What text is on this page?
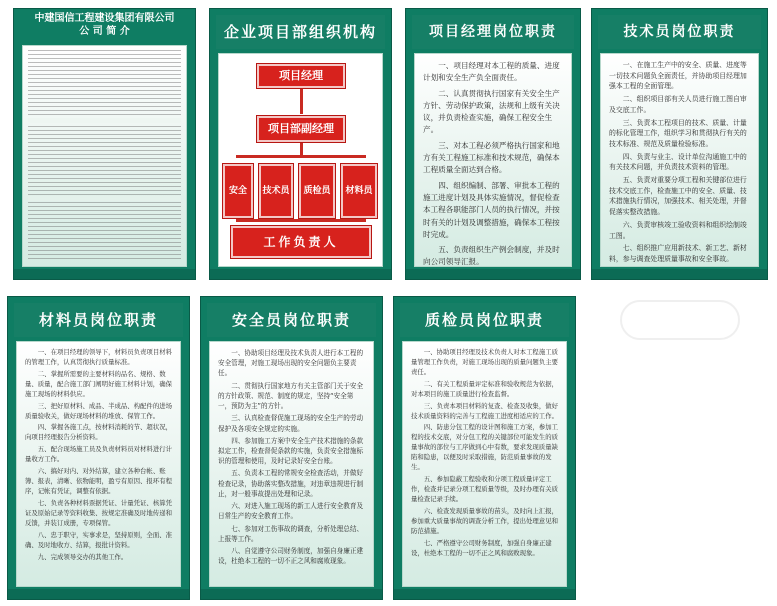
中建国信工程建设集团有限公司
公 司 简 介	企业项目部组织机构
项目经理
项目部副经理
安全	技术员	质检员	材料员
工作负责人
项目经理岗位职责

一、项目经理对本工程的质量、进度计划和安全生产负全面责任。

二、认真贯彻执行国家有关安全生产方针、劳动保护政策，法规和上级有关决议，并负责检查实施，确保工程安全生产。

三、对本工程必须严格执行国家和地方有关工程施工标准和技术规范，确保本工程质量全面达到合格。

四、组织编制、部署、审批本工程的施工进度计划及具体实施情况，督促检查本工程各职能部门人员的执行情况，并按时有关的计划及调整措施，确保本工程按时完成。

五、负责组织生产例会制度，并及时向公司领导汇报。

技术员岗位职责

一、在施工生产中的安全、质量、进度等一切技术问题负全面责任，并协助项目经理加强本工程的全面管理。

二、组织项目部有关人员进行施工图自审及交底工作。

三、负责本工程项目的技术、质量、计量的标化管理工作，组织学习和贯彻执行有关的技术标准、规范及质量检验标准。

四、负责与业主、设计单位沟通施工中的有关技术问题，并负责技术资料的管理。

五、负责对重要分项工程和关键部位进行技术交底工作，检查施工中的安全、质量、技术措施执行情况，加强技术、相关处理，并督促落实整改措施。

六、负责审核竣工验收资料和组织绘制竣工图。

七、组织推广应用新技术、新工艺、新材料，参与调查处理质量事故和安全事故。

材料员岗位职责

一、在项目经理的领导下，材料员负责项目材料的管理工作，认真贯彻执行质量标准。

二、掌握所需要的主要材料的品名、规格、数量、质量，配合施工部门阐明好施工材料计划，确保施工现场的材料供应。

三、把好原材料、成品、半成品、构配件的进场质量验收关，做好现场材料的堆放、保管工作。

四、掌握各施工点，按材料消耗的节、超状况，向项目经理报告分析资料。

五、配合现场施工员及负责材料员对材料进行计量收方工作。

六、搞好对内、对外结算，建立各种台帐、账簿、报表，清晰、依物能明，盈亏有原因、报环有程序，记帐有凭证，调整有依据。

七、负责各种材料票据凭证、计量凭证、核算凭证及原始记录等资料收集、按规定准确及时地传递和反馈，并装订成册，专项保管。

八、忠于职守，实事求是，坚持原则，全面、准确、及时地收方、结算，报批计资料。

九、完成领导交办的其他工作。

安全员岗位职责

一、协助项目经理及技术负责人进行本工程的安全管理，对施工现场出现的安全问题负主要责任。

二、贯彻执行国家地方有关主管部门关于安全的方针政策、规范、制度的规定，坚持“安全第一，预防为主”的方针。

三、认真检查督促施工现场的安全生产的劳动保护及各项安全规定的实施。

四、参加施工方案中安全生产技术措施的条款拟定工作，检查督促条款的实施，负责安全措施标识的管理和使用，及时记录好安全台账。

五、负责本工程的常规安全检查活动，并做好检查记录，协助落实整改措施，对违章违规进行制止，对一般事故提出处理和记录。

六、对进入施工现场的新工人进行安全教育及日常生产的安全教育工作。

七、参加对工伤事故的调查，分析处理总结、上报等工作。

八、自觉遵守公司财务制度，加强自身廉正建设，杜绝本工程的一切不正之风和腐败现象。

质检员岗位职责

一、协助项目经理及技术负责人对本工程施工质量管理工作负责，对施工现场出现的质量问题负主要责任。

二、有关工程质量评定标准和验收规范为依据，对本项目的施工质量进行检查监督。

三、负责本项目材料的复查、检查及收集，做好技术质量资料的完善与工程施工进度相适应的工作。

四、防患分包工程的设计图和施工方案，参加工程的技术交底，对分包工程的关键部位可能发生的质量事故的部位与工序做到心中有数，要求发现质量缺陷和隐患，以便及时采取措施，防范质量事故的发生。

五、参加隐蔽工程验收和分项工程质量评定工作，检查并记录分项工程质量等级，及时办理有关质量检查记录手续。

六、检查发现质量事故的苗头，及时向上汇报，参加重大质量事故的调查分析工作，提出处理意见和防范措施。

七、严格遵守公司财务制度，加强自身廉正建设，杜绝本工程的一切不正之风和腐败现象。
